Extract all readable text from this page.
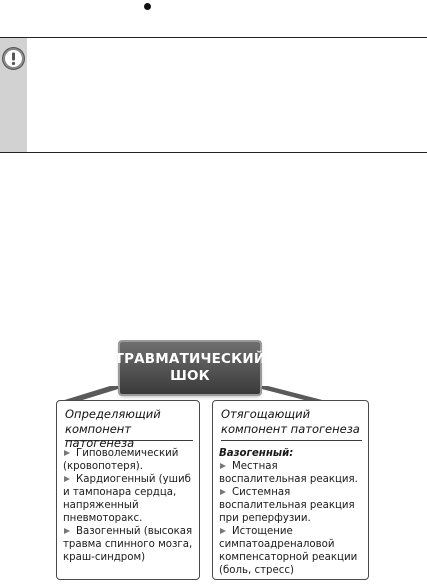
ТРАВМАТИЧЕСКИЙ
ШОК
Определяющий компонент патогенеза
Гиповолемический (кровопотеря).
Кардиогенный (ушиб и тампонара сердца, напряженный пневмоторакс.
Вазогенный (высокая травма спинного мозга, краш-синдром)
Отягощающий компонент патогенеза
Вазогенный:
Местная воспалительная реакция.
Системная воспалительная реакция при реперфузии.
Истощение симпатоадреналовой компенсаторной реакции (боль, стресс)
